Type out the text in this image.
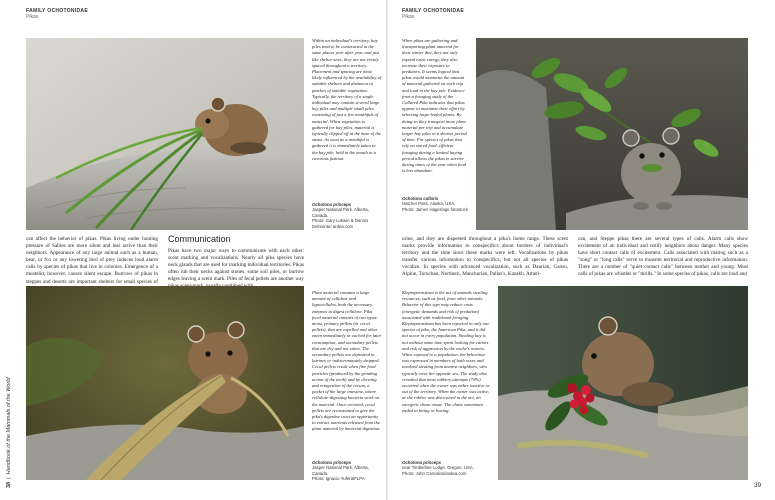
FAMILY OCHOTONIDAE
Pikas

Within an individual's territory, hay piles tend to be constructed in the same places year after year, and just like shelter sites, they are not evenly spaced throughout a territory. Placement and spacing are most likely influenced by the availability of suitable shelters and distances to patches of suitable vegetation. Typically, the territory of a single individual may contain several large hay piles and multiple small piles consisting of just a few mouthfuls of material. When vegetation is gathered for hay piles, material is typically clipped off at the base of the stems. As soon as a mouthful is gathered it is immediately taken to the hay pile, held in the mouth in a cavorous fashion.

Ochotona princeps
Jasper National Park, Alberta, Canada.
Photo: Gary Lukwin & Dennis Delmonte/ ardea.com

can affect the behavior of pikas. Pikas living under hunting pressure of Sables are more silent and less active than their neighbors. Appearance of any large animal such as a human, bear, or fox or any lowering bird of prey induces loud alarm calls by species of pikas that live in colonies. Emergence of a mustelid, however, causes silent escape. Burrows of pikas in steppes and deserts are important shelters for small species of

Communication

Pikas have two major ways to communicate with each other: scent marking and vocalizations. Nearly all pika species have neck glands that are used for marking individual territories. Pikas often rub their necks against stones, some soil piles, or burrow edges leaving a scent mark. Piles of fecal pellets are another way

Plant material contains a large amount of cellulose and lignocellulos, both the necessary enzymes to digest cellulose. Pika fecal material consists of two types: moist, primary pellets (or cecal pellets), that are expelled and other eaten immediately or cached for later consumption, and secondary pellets that are dry and not eaten. The secondary pellets are deposited in latrines or indiscriminately dropped. Cecal pellets result when fine food particles (produced by the grinding action of the teeth) and by chewing and reingestion of the cecum, a pocket of the large intestine, where cellulose-digesting bacteria work on the material. Once excreted, cecal pellets are reconsumed to give the pika's digestive tract an opportunity to extract nutrients released from the plant material by bacterial digestion.

Ochotona princeps
Jasper National Park, Alberta, Canada.
Photo: Ignacio Yufera/FLPA
38  |  Handbook of the Mammals of the World
FAMILY OCHOTONIDAE
Pikas

When pikas are gathering and transporting plant material for their winter diet, they not only expend extra energy, they also increase their exposure to predators. It seems logical that pikas would maximize the amount of material gathered on each trip and load in the hay pile. Evidence from a foraging study of the Collared Pika indicates that pikas appear to maximize their effort by selecting large-leafed plants. By doing so they transport more plant material per trip and accumulate larger hay piles in a shorter period of time. For species of pikas that rely on stored food, efficient foraging during a limited haying period allows the pikas to survive during times of the year when food is less abundant.

Ochotona collaris
Hatcher Pass, Alaska, USA.
Photo: James Hager/age fotostock

urine, and they are dispersed throughout a pika's home range. These scent marks provide information to conspecifics about borders of individual's territory and the time since these marks were left. Vocalizations by pikas transfer various information to conspecifics, but not all species of pikas vocalize. In species with advanced vocalization, such as Daurian, Gansu, Alpine, Turuchan, Northern, Manchurian, Pallas's, Kazakh, Ameri-

can, and Steppe pikas there are several types of calls. Alarm calls show excitement of an individual and notify neighbors about danger. Many species have short contact calls of excitement. Calls associated with mating such as a "song" or "long calls" serve to transmit territorial and reproductive information. There are a number of "quiet contact calls" between mother and young. Most calls of pikas are whistles or "thrills." In some species of pikas, calls are loud and

Kleptoparasitism is the act of animals stealing resources, such as food, from other animals. Behavior of this type may reduce costs (energetic demands and risk of predation) associated with traditional foraging. Kleptoparasitism has been reported in only one species of pika, the American Pika, and it did not occur in every population. Stealing hay is not without some time spent looking for caches and risk of aggression by the cache's owners. When exposed to a population, the behaviour was expressed in members of both sexes and involved stealing from nearest neighbors, who typically were the opposite sex. The study also revealed that most robbery attempts (70%) occurred when the owner was either inactive or out of the territory. When the owner was active, or the robber was discovered in the act, an energetic chase ensue. The chase sometimes ended in biting or boxing.

Ochotona princeps
near Timberline Lodge, Oregon, USA.
Photo: John Cancalosi/ardea.com
39
